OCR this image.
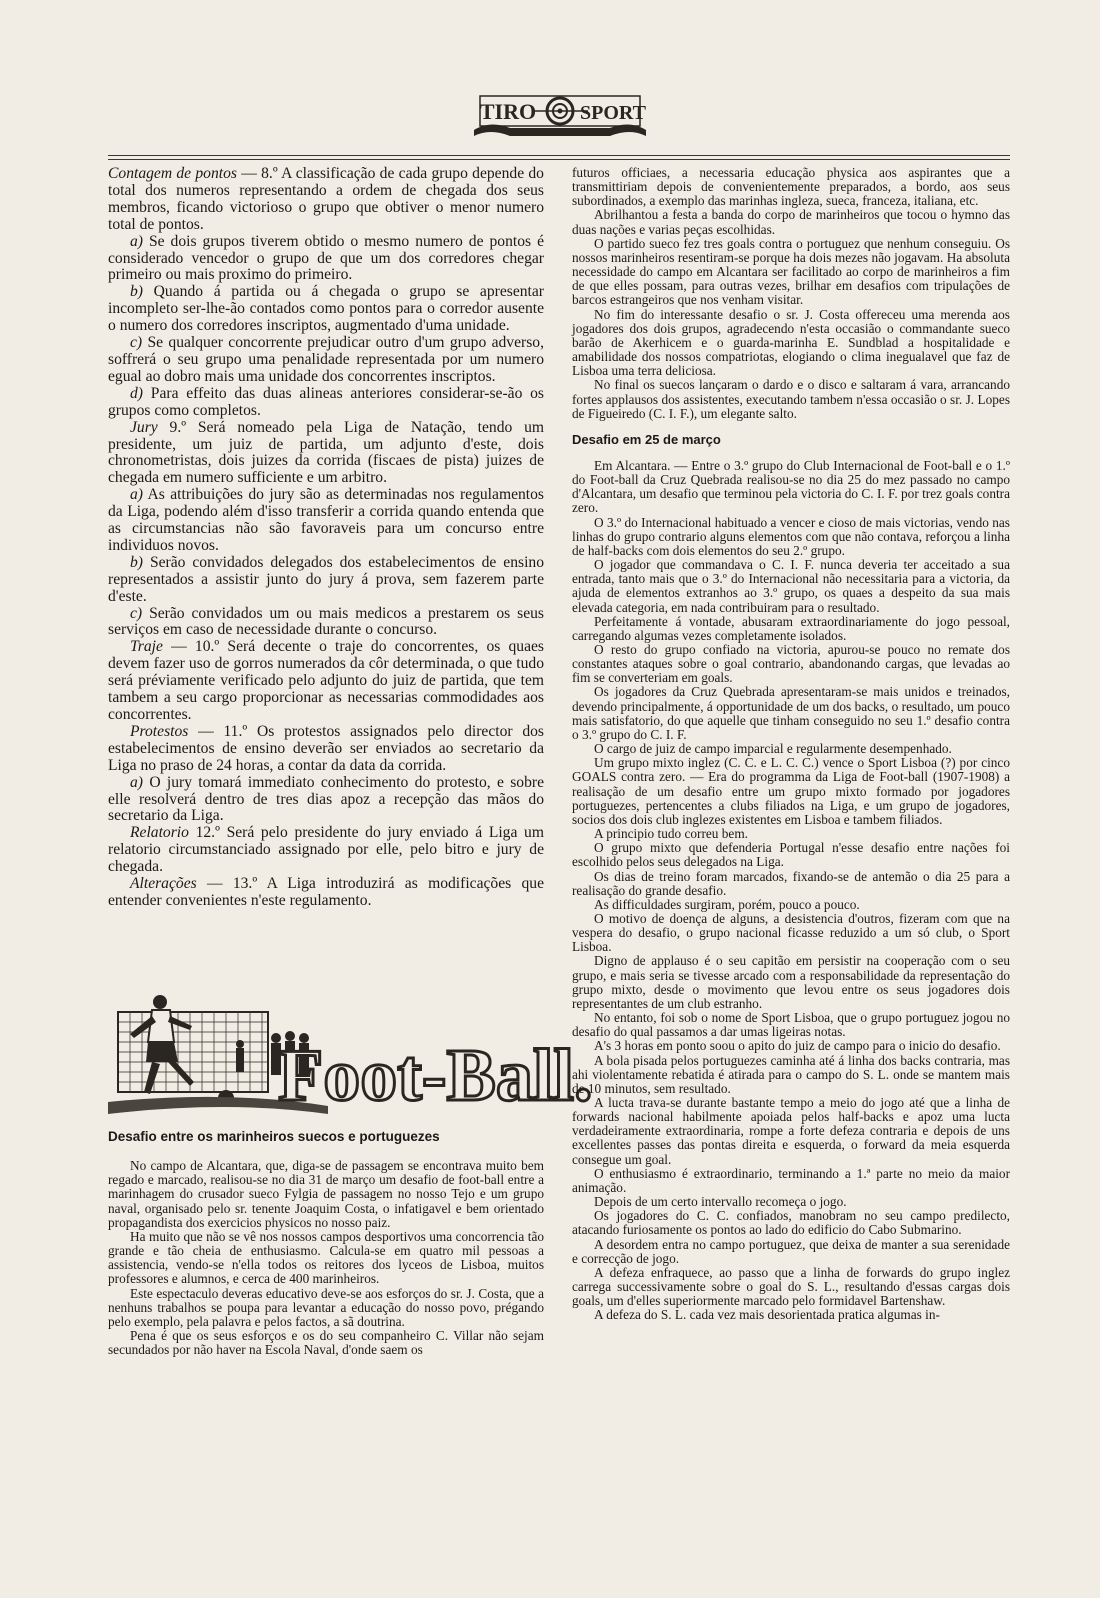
TIRO SPORT

Contagem de pontos — 8.º A classificação de cada grupo depende do total dos numeros representando a ordem de chegada dos seus membros, ficando victorioso o grupo que obtiver o menor numero total de pontos.

a) Se dois grupos tiverem obtido o mesmo numero de pontos é considerado vencedor o grupo de que um dos corredores chegar primeiro ou mais proximo do primeiro.

b) Quando á partida ou á chegada o grupo se apresentar incompleto ser-lhe-ão contados como pontos para o corredor ausente o numero dos corredores inscriptos, augmentado d'uma unidade.

c) Se qualquer concorrente prejudicar outro d'um grupo adverso, soffrerá o seu grupo uma penalidade representada por um numero egual ao dobro mais uma unidade dos concorrentes inscriptos.

d) Para effeito das duas alineas anteriores considerar-se-ão os grupos como completos.

Jury 9.º Será nomeado pela Liga de Natação, tendo um presidente, um juiz de partida, um adjunto d'este, dois chronometristas, dois juizes da corrida (fiscaes de pista) juizes de chegada em numero sufficiente e um arbitro.

a) As attribuições do jury são as determinadas nos regulamentos da Liga, podendo além d'isso transferir a corrida quando entenda que as circumstancias não são favoraveis para um concurso entre individuos novos.

b) Serão convidados delegados dos estabelecimentos de ensino representados a assistir junto do jury á prova, sem fazerem parte d'este.

c) Serão convidados um ou mais medicos a prestarem os seus serviços em caso de necessidade durante o concurso.

Traje — 10.º Será decente o traje do concorrentes, os quaes devem fazer uso de gorros numerados da côr determinada, o que tudo será préviamente verificado pelo adjunto do juiz de partida, que tem tambem a seu cargo proporcionar as necessarias commodidades aos concorrentes.

Protestos — 11.º Os protestos assignados pelo director dos estabelecimentos de ensino deverão ser enviados ao secretario da Liga no praso de 24 horas, a contar da data da corrida.

a) O jury tomará immediato conhecimento do protesto, e sobre elle resolverá dentro de tres dias apoz a recepção das mãos do secretario da Liga.

Relatorio 12.º Será pelo presidente do jury enviado á Liga um relatorio circumstanciado assignado por elle, pelo bitro e jury de chegada.

Alterações — 13.º A Liga introduzirá as modificações que entender convenientes n'este regulamento.

Foot-Ball.

Desafio entre os marinheiros suecos e portuguezes

No campo de Alcantara, que, diga-se de passagem se encontrava muito bem regado e marcado, realisou-se no dia 31 de março um desafio de foot-ball entre a marinhagem do crusador sueco Fylgia de passagem no nosso Tejo e um grupo naval, organisado pelo sr. tenente Joaquim Costa, o infatigavel e bem orientado propagandista dos exercicios physicos no nosso paiz.

Ha muito que não se vê nos nossos campos desportivos uma concorrencia tão grande e tão cheia de enthusiasmo. Calcula-se em quatro mil pessoas a assistencia, vendo-se n'ella todos os reitores dos lyceos de Lisboa, muitos professores e alumnos, e cerca de 400 marinheiros.

Este espectaculo deveras educativo deve-se aos esforços do sr. J. Costa, que a nenhuns trabalhos se poupa para levantar a educação do nosso povo, prégando pelo exemplo, pela palavra e pelos factos, a sã doutrina.

Pena é que os seus esforços e os do seu companheiro C. Villar não sejam secundados por não haver na Escola Naval, d'onde saem os

futuros officiaes, a necessaria educação physica aos aspirantes que a transmittiriam depois de convenientemente preparados, a bordo, aos seus subordinados, a exemplo das marinhas ingleza, sueca, franceza, italiana, etc.

Abrilhantou a festa a banda do corpo de marinheiros que tocou o hymno das duas nações e varias peças escolhidas.

O partido sueco fez tres goals contra o portuguez que nenhum conseguiu. Os nossos marinheiros resentiram-se porque ha dois mezes não jogavam. Ha absoluta necessidade do campo em Alcantara ser facilitado ao corpo de marinheiros a fim de que elles possam, para outras vezes, brilhar em desafios com tripulações de barcos estrangeiros que nos venham visitar.

No fim do interessante desafio o sr. J. Costa offereceu uma merenda aos jogadores dos dois grupos, agradecendo n'esta occasião o commandante sueco barão de Akerhicem e o guarda-marinha E. Sundblad a hospitalidade e amabilidade dos nossos compatriotas, elogiando o clima inegualavel que faz de Lisboa uma terra deliciosa.

No final os suecos lançaram o dardo e o disco e saltaram á vara, arrancando fortes applausos dos assistentes, executando tambem n'essa occasião o sr. J. Lopes de Figueiredo (C. I. F.), um elegante salto.

Desafio em 25 de março

Em Alcantara. — Entre o 3.º grupo do Club Internacional de Foot-ball e o 1.º do Foot-ball da Cruz Quebrada realisou-se no dia 25 do mez passado no campo d'Alcantara, um desafio que terminou pela victoria do C. I. F. por trez goals contra zero.

O 3.º do Internacional habituado a vencer e cioso de mais victorias, vendo nas linhas do grupo contrario alguns elementos com que não contava, reforçou a linha de half-backs com dois elementos do seu 2.º grupo.

O jogador que commandava o C. I. F. nunca deveria ter acceitado a sua entrada, tanto mais que o 3.º do Internacional não necessitaria para a victoria, da ajuda de elementos extranhos ao 3.º grupo, os quaes a despeito da sua mais elevada categoria, em nada contribuiram para o resultado.

Perfeitamente á vontade, abusaram extraordinariamente do jogo pessoal, carregando algumas vezes completamente isolados.

O resto do grupo confiado na victoria, apurou-se pouco no remate dos constantes ataques sobre o goal contrario, abandonando cargas, que levadas ao fim se converteriam em goals.

Os jogadores da Cruz Quebrada apresentaram-se mais unidos e treinados, devendo principalmente, á opportunidade de um dos backs, o resultado, um pouco mais satisfatorio, do que aquelle que tinham conseguido no seu 1.º desafio contra o 3.º grupo do C. I. F.

O cargo de juiz de campo imparcial e regularmente desempenhado.

Um grupo mixto inglez (C. C. e L. C. C.) vence o Sport Lisboa (?) por cinco GOALS contra zero. — Era do programma da Liga de Foot-ball (1907-1908) a realisação de um desafio entre um grupo mixto formado por jogadores portuguezes, pertencentes a clubs filiados na Liga, e um grupo de jogadores, socios dos dois club inglezes existentes em Lisboa e tambem filiados.

A principio tudo correu bem.

O grupo mixto que defenderia Portugal n'esse desafio entre nações foi escolhido pelos seus delegados na Liga.

Os dias de treino foram marcados, fixando-se de antemão o dia 25 para a realisação do grande desafio.

As difficuldades surgiram, porém, pouco a pouco.

O motivo de doença de alguns, a desistencia d'outros, fizeram com que na vespera do desafio, o grupo nacional ficasse reduzido a um só club, o Sport Lisboa.

Digno de applauso é o seu capitão em persistir na cooperação com o seu grupo, e mais seria se tivesse arcado com a responsabilidade da representação do grupo mixto, desde o movimento que levou entre os seus jogadores dois representantes de um club estranho.

No entanto, foi sob o nome de Sport Lisboa, que o grupo portuguez jogou no desafio do qual passamos a dar umas ligeiras notas.

A's 3 horas em ponto soou o apito do juiz de campo para o inicio do desafio.

A bola pisada pelos portuguezes caminha até á linha dos backs contraria, mas ahi violentamente rebatida é atirada para o campo do S. L. onde se mantem mais de 10 minutos, sem resultado.

A lucta trava-se durante bastante tempo a meio do jogo até que a linha de forwards nacional habilmente apoiada pelos half-backs e apoz uma lucta verdadeiramente extraordinaria, rompe a forte defeza contraria e depois de uns excellentes passes das pontas direita e esquerda, o forward da meia esquerda consegue um goal.

O enthusiasmo é extraordinario, terminando a 1.ª parte no meio da maior animação.

Depois de um certo intervallo recomeça o jogo.

Os jogadores do C. C. confiados, manobram no seu campo predilecto, atacando furiosamente os pontos ao lado do edificio do Cabo Submarino.

A desordem entra no campo portuguez, que deixa de manter a sua serenidade e correcção de jogo.

A defeza enfraquece, ao passo que a linha de forwards do grupo inglez carrega successivamente sobre o goal do S. L., resultando d'essas cargas dois goals, um d'elles superiormente marcado pelo formidavel Bartenshaw.

A defeza do S. L. cada vez mais desorientada pratica algumas in-
